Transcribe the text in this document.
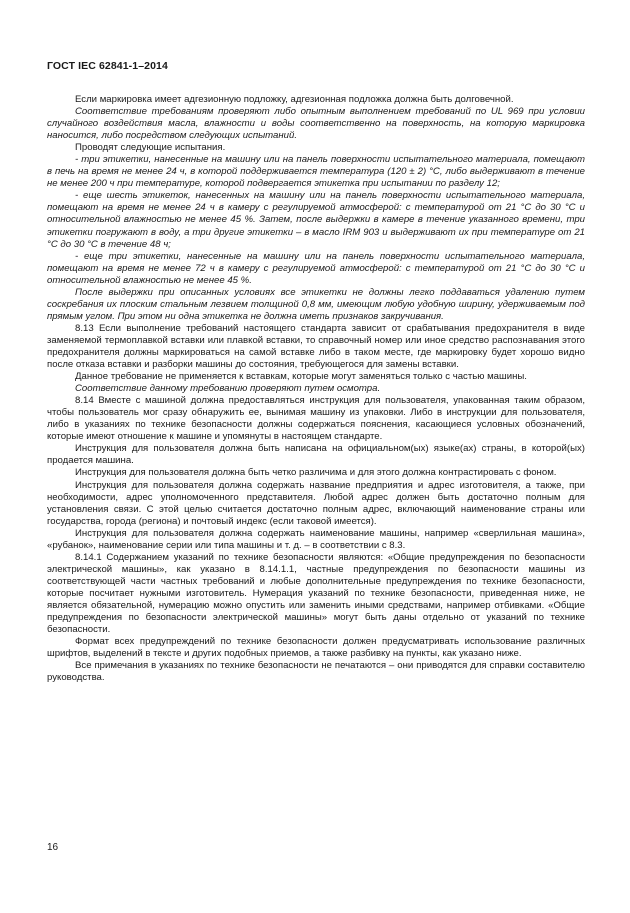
ГОСТ IEC 62841-1–2014

Если маркировка имеет адгезионную подложку, адгезионная подложка должна быть долговечной.

Соответствие требованиям проверяют либо опытным выполнением требований по UL 969 при условии случайного воздействия масла, влажности и воды соответственно на поверхность, на которую маркировка наносится, либо посредством следующих испытаний.

Проводят следующие испытания.

- три этикетки, нанесенные на машину или на панель поверхности испытательного материала, помещают в печь на время не менее 24 ч, в которой поддерживается температура (120 ± 2) °С, либо выдерживают в течение не менее 200 ч при температуре, которой подвергается этикетка при испытании по разделу 12;

- еще шесть этикеток, нанесенных на машину или на панель поверхности испытательного материала, помещают на время не менее 24 ч в камеру с регулируемой атмосферой: с температурой от 21 °С до 30 °С и относительной влажностью не менее 45 %. Затем, после выдержки в камере в течение указанного времени, три этикетки погружают в воду, а три другие этикетки – в масло IRM 903 и выдерживают их при температуре от 21 °С до 30 °С в течение 48 ч;

- еще три этикетки, нанесенные на машину или на панель поверхности испытательного материала, помещают на время не менее 72 ч в камеру с регулируемой атмосферой: с температурой от 21 °С до 30 °С и относительной влажностью не менее 45 %.

После выдержки при описанных условиях все этикетки не должны легко поддаваться удалению путем соскребания их плоским стальным лезвием толщиной 0,8 мм, имеющим любую удобную ширину, удерживаемым под прямым углом. При этом ни одна этикетка не должна иметь признаков закручивания.

8.13 Если выполнение требований настоящего стандарта зависит от срабатывания предохранителя в виде заменяемой термоплавкой вставки или плавкой вставки, то справочный номер или иное средство распознавания этого предохранителя должны маркироваться на самой вставке либо в таком месте, где маркировку будет хорошо видно после отказа вставки и разборки машины до состояния, требующегося для замены вставки.

Данное требование не применяется к вставкам, которые могут заменяться только с частью машины.

Соответствие данному требованию проверяют путем осмотра.

8.14 Вместе с машиной должна предоставляться инструкция для пользователя, упакованная таким образом, чтобы пользователь мог сразу обнаружить ее, вынимая машину из упаковки. Либо в инструкции для пользователя, либо в указаниях по технике безопасности должны содержаться пояснения, касающиеся условных обозначений, которые имеют отношение к машине и упомянуты в настоящем стандарте.

Инструкция для пользователя должна быть написана на официальном(ых) языке(ах) страны, в которой(ых) продается машина.

Инструкция для пользователя должна быть четко различима и для этого должна контрастировать с фоном.

Инструкция для пользователя должна содержать название предприятия и адрес изготовителя, а также, при необходимости, адрес уполномоченного представителя. Любой адрес должен быть достаточно полным для установления связи. С этой целью считается достаточно полным адрес, включающий наименование страны или государства, города (региона) и почтовый индекс (если таковой имеется).

Инструкция для пользователя должна содержать наименование машины, например «сверлильная машина», «рубанок», наименование серии или типа машины и т. д. – в соответствии с 8.3.

8.14.1 Содержанием указаний по технике безопасности являются: «Общие предупреждения по безопасности электрической машины», как указано в 8.14.1.1, частные предупреждения по безопасности машины из соответствующей части частных требований и любые дополнительные предупреждения по технике безопасности, которые посчитает нужными изготовитель. Нумерация указаний по технике безопасности, приведенная ниже, не является обязательной, нумерацию можно опустить или заменить иными средствами, например отбивками. «Общие предупреждения по безопасности электрической машины» могут быть даны отдельно от указаний по технике безопасности.

Формат всех предупреждений по технике безопасности должен предусматривать использование различных шрифтов, выделений в тексте и других подобных приемов, а также разбивку на пункты, как указано ниже.

Все примечания в указаниях по технике безопасности не печатаются – они приводятся для справки составителю руководства.

16
